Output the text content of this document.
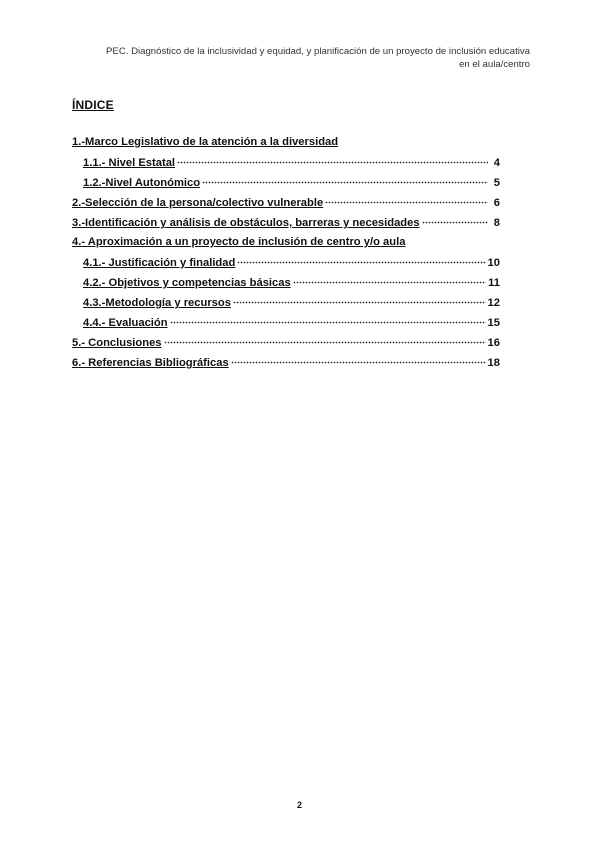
PEC. Diagnóstico de la inclusividad y equidad, y planificación de un proyecto de inclusión educativa
en el aula/centro
ÍNDICE
1.-Marco Legislativo de la atención a la diversidad
1.1.- Nivel Estatal	4
1.2.-Nivel Autonómico	5
2.-Selección de la persona/colectivo vulnerable	6
3.-Identificación y análisis de obstáculos, barreras y necesidades	8
4.- Aproximación a un proyecto de inclusión de centro y/o aula
4.1.- Justificación y finalidad	10
4.2.- Objetivos y competencias básicas	11
4.3.-Metodología y recursos	12
4.4.- Evaluación	15
5.- Conclusiones	16
6.- Referencias Bibliográficas	18
2
